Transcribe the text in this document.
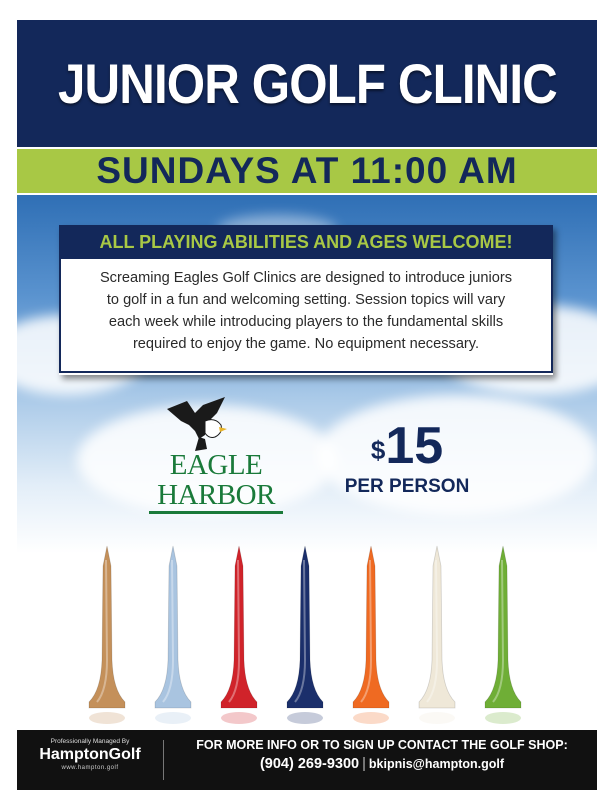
JUNIOR GOLF CLINIC
SUNDAYS AT 11:00 AM
ALL PLAYING ABILITIES AND AGES WELCOME!
Screaming Eagles Golf Clinics are designed to introduce juniors
to golf in a fun and welcoming setting. Session topics will vary
each week while introducing players to the fundamental skills
required to enjoy the game. No equipment necessary.
EAGLE
HARBOR
$15
PER PERSON
Professionally Managed By
HamptonGolf
www.hampton.golf
FOR MORE INFO OR TO SIGN UP CONTACT THE GOLF SHOP:
(904) 269-9300 | bkipnis@hampton.golf
